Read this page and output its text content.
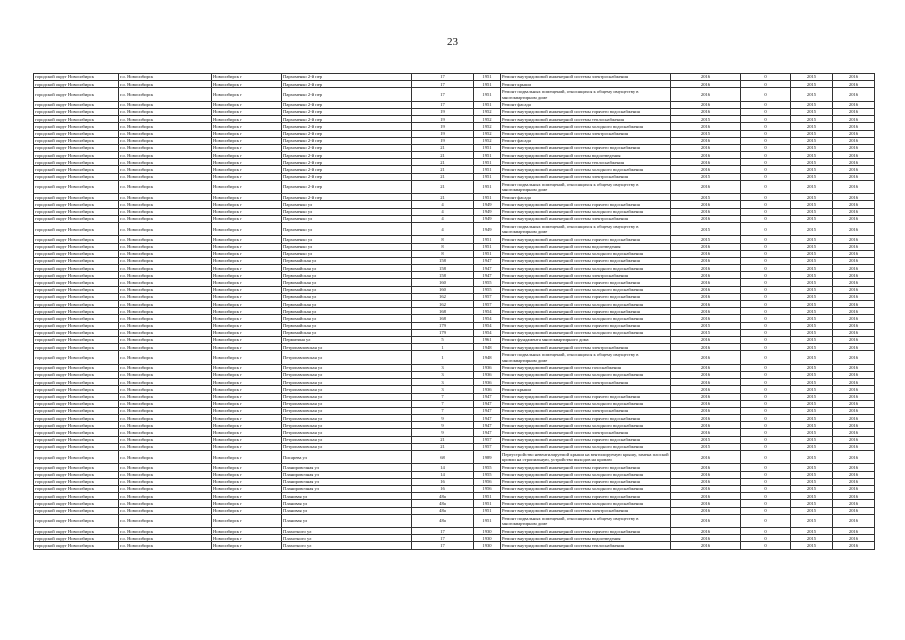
23
городской округ Новосибирск	г.о. Новосибирск	Новосибирск г	Пархоменко 2-й пер	17	1951	Ремонт внутридомовой инженерной системы электроснабжения	2016	0	2015	2016
городской округ Новосибирск	г.о. Новосибирск	Новосибирск г	Пархоменко 2-й пер	17	1951	Ремонт крыши	2016	0	2015	2016
городской округ Новосибирск	г.о. Новосибирск	Новосибирск г	Пархоменко 2-й пер	17	1951	Ремонт подвальных помещений, относящихся к общему имуществу в многоквартирном доме	2016	0	2015	2016
городской округ Новосибирск	г.о. Новосибирск	Новосибирск г	Пархоменко 2-й пер	17	1951	Ремонт фасада	2016	0	2015	2016
городской округ Новосибирск	г.о. Новосибирск	Новосибирск г	Пархоменко 2-й пер	19	1952	Ремонт внутридомовой инженерной системы горячего водоснабжения	2016	0	2015	2016
городской округ Новосибирск	г.о. Новосибирск	Новосибирск г	Пархоменко 2-й пер	19	1952	Ремонт внутридомовой инженерной системы теплоснабжения	2015	0	2015	2016
городской округ Новосибирск	г.о. Новосибирск	Новосибирск г	Пархоменко 2-й пер	19	1952	Ремонт внутридомовой инженерной системы холодного водоснабжения	2016	0	2015	2016
городской округ Новосибирск	г.о. Новосибирск	Новосибирск г	Пархоменко 2-й пер	19	1952	Ремонт внутридомовой инженерной системы электроснабжения	2015	0	2015	2016
городской округ Новосибирск	г.о. Новосибирск	Новосибирск г	Пархоменко 2-й пер	19	1952	Ремонт фасада	2016	0	2015	2016
городской округ Новосибирск	г.о. Новосибирск	Новосибирск г	Пархоменко 2-й пер	21	1951	Ремонт внутридомовой инженерной системы горячего водоснабжения	2016	0	2015	2016
городской округ Новосибирск	г.о. Новосибирск	Новосибирск г	Пархоменко 2-й пер	21	1951	Ремонт внутридомовой инженерной системы водоотведения	2016	0	2015	2016
городской округ Новосибирск	г.о. Новосибирск	Новосибирск г	Пархоменко 2-й пер	21	1951	Ремонт внутридомовой инженерной системы теплоснабжения	2016	0	2015	2016
городской округ Новосибирск	г.о. Новосибирск	Новосибирск г	Пархоменко 2-й пер	21	1951	Ремонт внутридомовой инженерной системы холодного водоснабжения	2016	0	2015	2016
городской округ Новосибирск	г.о. Новосибирск	Новосибирск г	Пархоменко 2-й пер	21	1951	Ремонт внутридомовой инженерной системы электроснабжения	2015	0	2015	2016
городской округ Новосибирск	г.о. Новосибирск	Новосибирск г	Пархоменко 2-й пер	21	1951	Ремонт подвальных помещений, относящихся к общему имуществу в многоквартирном доме	2016	0	2015	2016
городской округ Новосибирск	г.о. Новосибирск	Новосибирск г	Пархоменко 2-й пер	21	1951	Ремонт фасада	2015	0	2015	2016
городской округ Новосибирск	г.о. Новосибирск	Новосибирск г	Пархоменко ул	4	1949	Ремонт внутридомовой инженерной системы горячего водоснабжения	2016	0	2015	2016
городской округ Новосибирск	г.о. Новосибирск	Новосибирск г	Пархоменко ул	4	1949	Ремонт внутридомовой инженерной системы холодного водоснабжения	2016	0	2015	2016
городской округ Новосибирск	г.о. Новосибирск	Новосибирск г	Пархоменко ул	4	1949	Ремонт внутридомовой инженерной системы электроснабжения	2016	0	2015	2016
городской округ Новосибирск	г.о. Новосибирск	Новосибирск г	Пархоменко ул	4	1949	Ремонт подвальных помещений, относящихся к общему имуществу в многоквартирном доме	2015	0	2015	2016
городской округ Новосибирск	г.о. Новосибирск	Новосибирск г	Пархоменко ул	8	1951	Ремонт внутридомовой инженерной системы горячего водоснабжения	2015	0	2015	2016
городской округ Новосибирск	г.о. Новосибирск	Новосибирск г	Пархоменко ул	8	1951	Ремонт внутридомовой инженерной системы водоотведения	2016	0	2015	2016
городской округ Новосибирск	г.о. Новосибирск	Новосибирск г	Пархоменко ул	8	1951	Ремонт внутридомовой инженерной системы холодного водоснабжения	2016	0	2015	2016
городской округ Новосибирск	г.о. Новосибирск	Новосибирск г	Первомайская ул	158	1947	Ремонт внутридомовой инженерной системы горячего водоснабжения	2016	0	2015	2016
городской округ Новосибирск	г.о. Новосибирск	Новосибирск г	Первомайская ул	158	1947	Ремонт внутридомовой инженерной системы холодного водоснабжения	2016	0	2015	2016
городской округ Новосибирск	г.о. Новосибирск	Новосибирск г	Первомайская ул	158	1947	Ремонт внутридомовой инженерной системы электроснабжения	2016	0	2015	2016
городской округ Новосибирск	г.о. Новосибирск	Новосибирск г	Первомайская ул	160	1955	Ремонт внутридомовой инженерной системы горячего водоснабжения	2016	0	2015	2016
городской округ Новосибирск	г.о. Новосибирск	Новосибирск г	Первомайская ул	160	1955	Ремонт внутридомовой инженерной системы холодного водоснабжения	2016	0	2015	2016
городской округ Новосибирск	г.о. Новосибирск	Новосибирск г	Первомайская ул	162	1957	Ремонт внутридомовой инженерной системы горячего водоснабжения	2016	0	2015	2016
городской округ Новосибирск	г.о. Новосибирск	Новосибирск г	Первомайская ул	162	1957	Ремонт внутридомовой инженерной системы холодного водоснабжения	2016	0	2015	2016
городской округ Новосибирск	г.о. Новосибирск	Новосибирск г	Первомайская ул	168	1954	Ремонт внутридомовой инженерной системы горячего водоснабжения	2016	0	2015	2016
городской округ Новосибирск	г.о. Новосибирск	Новосибирск г	Первомайская ул	168	1954	Ремонт внутридомовой инженерной системы холодного водоснабжения	2016	0	2015	2016
городской округ Новосибирск	г.о. Новосибирск	Новосибирск г	Первомайская ул	179	1954	Ремонт внутридомовой инженерной системы горячего водоснабжения	2015	0	2015	2016
городской округ Новосибирск	г.о. Новосибирск	Новосибирск г	Первомайская ул	179	1954	Ремонт внутридомовой инженерной системы холодного водоснабжения	2015	0	2015	2016
городской округ Новосибирск	г.о. Новосибирск	Новосибирск г	Пермитина ул	5	1961	Ремонт фундамента многоквартирного дома	2016	0	2015	2016
городской округ Новосибирск	г.о. Новосибирск	Новосибирск г	Петропавловская ул	1	1948	Ремонт внутридомовой инженерной системы электроснабжения	2016	0	2015	2016
городской округ Новосибирск	г.о. Новосибирск	Новосибирск г	Петропавловская ул	1	1948	Ремонт подвальных помещений, относящихся к общему имуществу в многоквартирном доме	2016	0	2015	2016
городской округ Новосибирск	г.о. Новосибирск	Новосибирск г	Петропавловская ул	3	1936	Ремонт внутридомовой инженерной системы газоснабжения	2016	0	2015	2016
городской округ Новосибирск	г.о. Новосибирск	Новосибирск г	Петропавловская ул	3	1936	Ремонт внутридомовой инженерной системы холодного водоснабжения	2016	0	2015	2016
городской округ Новосибирск	г.о. Новосибирск	Новосибирск г	Петропавловская ул	3	1936	Ремонт внутридомовой инженерной системы электроснабжения	2016	0	2015	2016
городской округ Новосибирск	г.о. Новосибирск	Новосибирск г	Петропавловская ул	3	1936	Ремонт крыши	2016	0	2015	2016
городской округ Новосибирск	г.о. Новосибирск	Новосибирск г	Петропавловская ул	7	1947	Ремонт внутридомовой инженерной системы горячего водоснабжения	2016	0	2015	2016
городской округ Новосибирск	г.о. Новосибирск	Новосибирск г	Петропавловская ул	7	1947	Ремонт внутридомовой инженерной системы холодного водоснабжения	2016	0	2015	2016
городской округ Новосибирск	г.о. Новосибирск	Новосибирск г	Петропавловская ул	7	1947	Ремонт внутридомовой инженерной системы электроснабжения	2016	0	2015	2016
городской округ Новосибирск	г.о. Новосибирск	Новосибирск г	Петропавловская ул	9	1947	Ремонт внутридомовой инженерной системы горячего водоснабжения	2016	0	2015	2016
городской округ Новосибирск	г.о. Новосибирск	Новосибирск г	Петропавловская ул	9	1947	Ремонт внутридомовой инженерной системы холодного водоснабжения	2016	0	2015	2016
городской округ Новосибирск	г.о. Новосибирск	Новосибирск г	Петропавловская ул	9	1947	Ремонт внутридомовой инженерной системы электроснабжения	2016	0	2015	2016
городской округ Новосибирск	г.о. Новосибирск	Новосибирск г	Петропавловская ул	21	1957	Ремонт внутридомовой инженерной системы горячего водоснабжения	2015	0	2015	2016
городской округ Новосибирск	г.о. Новосибирск	Новосибирск г	Петропавловская ул	21	1957	Ремонт внутридомовой инженерной системы холодного водоснабжения	2015	0	2015	2016
городской округ Новосибирск	г.о. Новосибирск	Новосибирск г	Писарева ул	68	1989	Переустройство невентилируемой крыши на вентилируемую крышу, замена плоской кровли на стропильную, устройство выходов на кровлю	2016	0	2015	2016
городской округ Новосибирск	г.о. Новосибирск	Новосибирск г	Планировочная ул	14	1955	Ремонт внутридомовой инженерной системы горячего водоснабжения	2016	0	2015	2016
городской округ Новосибирск	г.о. Новосибирск	Новосибирск г	Планировочная ул	14	1955	Ремонт внутридомовой инженерной системы холодного водоснабжения	2016	0	2015	2016
городской округ Новосибирск	г.о. Новосибирск	Новосибирск г	Планировочная ул	16	1956	Ремонт внутридомовой инженерной системы горячего водоснабжения	2016	0	2015	2016
городской округ Новосибирск	г.о. Новосибирск	Новосибирск г	Планировочная ул	16	1956	Ремонт внутридомовой инженерной системы холодного водоснабжения	2016	0	2015	2016
городской округ Новосибирск	г.о. Новосибирск	Новосибирск г	Плановая ул	48а	1951	Ремонт внутридомовой инженерной системы горячего водоснабжения	2016	0	2015	2016
городской округ Новосибирск	г.о. Новосибирск	Новосибирск г	Плановая ул	48а	1951	Ремонт внутридомовой инженерной системы холодного водоснабжения	2016	0	2015	2016
городской округ Новосибирск	г.о. Новосибирск	Новосибирск г	Плановая ул	48а	1951	Ремонт внутридомовой инженерной системы электроснабжения	2016	0	2015	2016
городской округ Новосибирск	г.о. Новосибирск	Новосибирск г	Плановая ул	48а	1951	Ремонт подвальных помещений, относящихся к общему имуществу в многоквартирном доме	2016	0	2015	2016
городской округ Новосибирск	г.о. Новосибирск	Новосибирск г	Плахотного ул	17	1930	Ремонт внутридомовой инженерной системы горячего водоснабжения	2016	0	2015	2016
городской округ Новосибирск	г.о. Новосибирск	Новосибирск г	Плахотного ул	17	1930	Ремонт внутридомовой инженерной системы водоотведения	2016	0	2015	2016
городской округ Новосибирск	г.о. Новосибирск	Новосибирск г	Плахотного ул	17	1930	Ремонт внутридомовой инженерной системы теплоснабжения	2016	0	2015	2016
